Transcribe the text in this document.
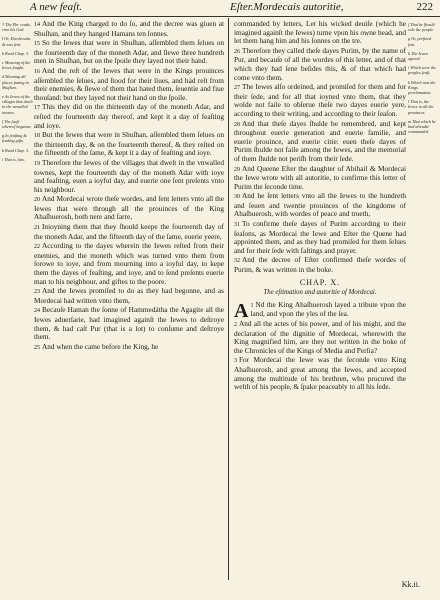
A new feaſt.	Eſter.Mordecais autoritie,	222
† The Ebr. reads, vnto his God.
‖ Or, Dicolecuda, & was fent.
b Read Chap. 3.
c Meaning of the Iewes fought.
d Meaning all places fauing in Shuſhan.
e As Iewes of the villages that dwelt in the vnwalled townes.
f The feaſt whereof beganne.
g In feaſting & ſending gifts.
h Read Chap. 3.
i That is, lots.
f That he ſhould rule the people.
g Or, prefixed ſent.
h The Iewes agreed.
i Which were the peoples feaſt.
k Which was the Kings proclamation.
l That is, the Iewes in all the prouinces.
m That which he had alreadie commanded.
14 And the King charged to do ſo, and the decree was giuen at Shuſhan, and they hanged Hamans ten ſonnes.
15 So the Iewes that were in Shuſhan, aſſembled them ſelues on the fourteenth day of the moneth Adar, and ſlewe three hundreth men in Shuſhan, but on the ſpoile they layed not their hand.
16 And the reſt of the Iewes that were in the Kings prouinces aſſembled the ſelues, and ſtood for their liues, and had reſt from their enemies, & ſlewe of them that hated them, ſeuentie and fiue thouſand: but they layed not their hand on the ſpoile.
17 This they did on the thirteenth day of the moneth Adar, and reſted the fourteenth day thereof, and kept it a day of feaſting and ioye.
18 But the Iewes that were in Shuſhan, aſſembled them ſelues on the thirteenth day, & on the fourteenth thereof, & they reſted on the fifteenth of the ſame, & kept it a day of feaſting and ioye.
19 Therefore the Iewes of the villages that dwelt in the vnwalled townes, kept the fourteenth day of the moneth Adar with ioye and feaſting, euen a ioyful day, and euerie one ſent preſents vnto his neighbour.
20 And Mordecai wrote theſe wordes, and ſent letters vnto all the Iewes that were through all the prouinces of the King Ahaſhuerosh, both nere and farre,
21 Inioyning them that they ſhould keepe the fourteenth day of the moneth Adar, and the fifteenth day of the ſame, euerie yeere,
22 According to the dayes wherein the Iewes reſted from their enemies, and the moneth which was turned vnto them from ſorowe to ioye, and from mourning into a ioyful day, to kepe them the dayes of feaſting, and ioye, and to ſend preſents euerie man to his neighbour, and giftes to the poore.
23 And the Iewes promiſed to do as they had begonne, and as Mordecai had written vnto them,
24 Becauſe Haman the ſonne of Hammedátha the Agagite all the Iewes aduerſarie, had imagined againſt the Iewes to deſtroye them, & had caſt Pur (that is a lot) to conſume and deſtroye them.
25 And when the came before the King, he
commanded by letters, Let his wicked deuiſe (which he imagined againſt the Iewes) turne vpon his owne head, and let them hang him and his ſonnes on the tre.
26 Therefore they called theſe dayes Purim, by the name of Pur, and becauſe of all the wordes of this letter, and of that which they had ſene beſides this, & of that which had come vnto them.
27 The Iewes alſo ordeined, and promiſed for them and for their ſede, and for all that ioyned vnto them, that they wolde not faile to obſerue theſe two dayes euerie yere, according to their writing, and according to their ſeaſon.
28 And that theſe dayes ſhulde be remembred, and kept throughout euerie generation and euerie familie, and euerie prouince, and euerie citie: euen theſe dayes of Purim ſhulde not faile among the Iewes, and the memorial of them ſhulde not periſh from their ſede.
29 And Queene Eſter the daughter of Abihail & Mordecai the Iewe wrote with all autoritie, to confirme this letter of Purim the ſeconde time.
30 And he ſent letters vnto all the Iewes to the hundreth and ſeuen and twentie prouinces of the kingdome of Ahaſhuerosh, with wordes of peace and trueth,
31 To confirme theſe dayes of Purim according to their ſeaſons, as Mordecai the Iewe and Eſter the Quene had appointed them, and as they had promiſed for them ſelues and for their ſede with faſtings and prayer.
32 And the decree of Eſter confirmed theſe wordes of Purim, & was written in the boke.
CHAP. X.
The eſtimation and autoritie of Mordecai.
A 1 Nd the King Ahaſhuerosh layed a tribute vpon the land, and vpon the yles of the ſea.
2 And all the actes of his power, and of his might, and the declaration of the dignitie of Mordecai, wherewith the King magnified him, are they not written in the boke of the Chronicles of the Kings of Media and Perſia?
3 For Mordecai the Iewe was the ſeconde vnto King Ahaſhuerosh, and great among the Iewes, and accepted among the multitude of his brethren, who procured the welth of his people, & ſpake peaceably to all his ſede.
Kk.ii.
